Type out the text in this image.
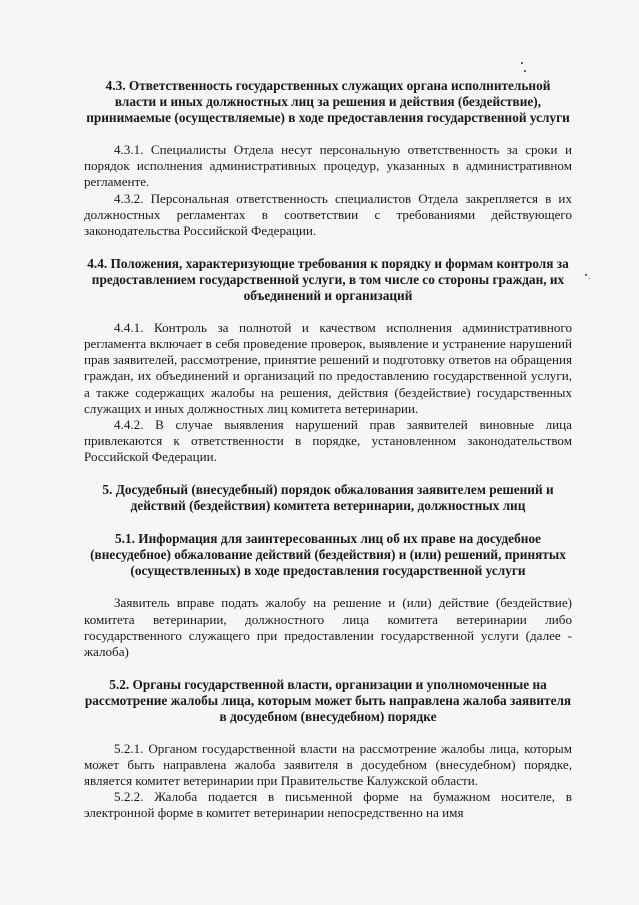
4.3. Ответственность государственных служащих органа исполнительной власти и иных должностных лиц за решения и действия (бездействие), принимаемые (осуществляемые) в ходе предоставления государственной услуги

4.3.1. Специалисты Отдела несут персональную ответственность за сроки и порядок исполнения административных процедур, указанных в административном регламенте.

4.3.2. Персональная ответственность специалистов Отдела закрепляется в их должностных регламентах в соответствии с требованиями действующего законодательства Российской Федерации.

4.4. Положения, характеризующие требования к порядку и формам контроля за предоставлением государственной услуги, в том числе со стороны граждан, их объединений и организаций

4.4.1. Контроль за полнотой и качеством исполнения административного регламента включает в себя проведение проверок, выявление и устранение нарушений прав заявителей, рассмотрение, принятие решений и подготовку ответов на обращения граждан, их объединений и организаций по предоставлению государственной услуги, а также содержащих жалобы на решения, действия (бездействие) государственных служащих и иных должностных лиц комитета ветеринарии.

4.4.2. В случае выявления нарушений прав заявителей виновные лица привлекаются к ответственности в порядке, установленном законодательством Российской Федерации.

5. Досудебный (внесудебный) порядок обжалования заявителем решений и действий (бездействия) комитета ветеринарии, должностных лиц
5.1. Информация для заинтересованных лиц об их праве на досудебное (внесудебное) обжалование действий (бездействия) и (или) решений, принятых (осуществленных) в ходе предоставления государственной услуги

Заявитель вправе подать жалобу на решение и (или) действие (бездействие) комитета ветеринарии, должностного лица комитета ветеринарии либо государственного служащего при предоставлении государственной услуги (далее - жалоба)

5.2. Органы государственной власти, организации и уполномоченные на рассмотрение жалобы лица, которым может быть направлена жалоба заявителя в досудебном (внесудебном) порядке

5.2.1. Органом государственной власти на рассмотрение жалобы лица, которым может быть направлена жалоба заявителя в досудебном (внесудебном) порядке, является комитет ветеринарии при Правительстве Калужской области.

5.2.2. Жалоба подается в письменной форме на бумажном носителе, в электронной форме в комитет ветеринарии непосредственно на имя
